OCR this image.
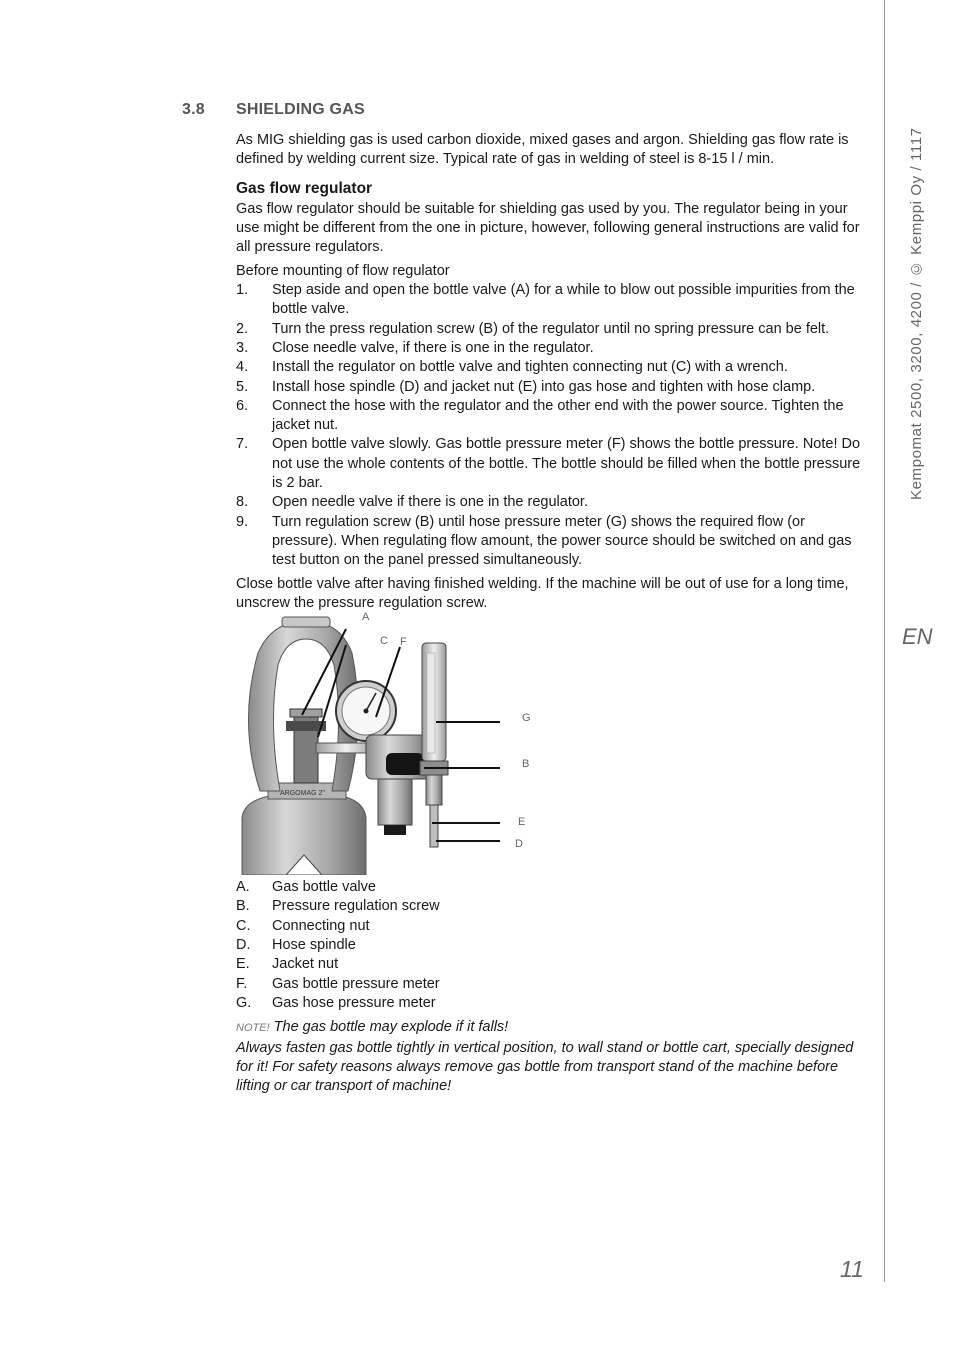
Kempomat 2500, 3200, 4200 / © Kemppi Oy / 1117
EN
11
3.8 SHIELDING GAS

As MIG shielding gas is used carbon dioxide, mixed gases and argon. Shielding gas flow rate is defined by welding current size. Typical rate of gas in welding of steel is 8-15 l / min.

Gas flow regulator

Gas flow regulator should be suitable for shielding gas used by you. The regulator being in your use might be different from the one in picture, however, following general instructions are valid for all pressure regulators.

Before mounting of flow regulator

1.	Step aside and open the bottle valve (A) for a while to blow out possible impurities from the bottle valve.
2.	Turn the press regulation screw (B) of the regulator until no spring pressure can be felt.
3.	Close needle valve, if there is one in the regulator.
4.	Install the regulator on bottle valve and tighten connecting nut (C) with a wrench.
5.	Install hose spindle (D) and jacket nut (E) into gas hose and tighten with hose clamp.
6.	Connect the hose with the regulator and the other end with the power source. Tighten the jacket nut.
7.	Open bottle valve slowly. Gas bottle pressure meter (F) shows the bottle pressure. Note! Do not use the whole contents of the bottle. The bottle should be filled when the bottle pressure is 2 bar.
8.	Open needle valve if there is one in the regulator.
9.	Turn regulation screw (B) until hose pressure meter (G) shows the required flow (or pressure). When regulating flow amount, the power source should be switched on and gas test button on the panel pressed simultaneously.

Close bottle valve after having finished welding. If the machine will be out of use for a long time, unscrew the pressure regulation screw.

ARGOMAG 2"
A
C F
G
B
E
D
A.	Gas bottle valve
B.	Pressure regulation screw
C.	Connecting nut
D.	Hose spindle
E.	Jacket nut
F.	Gas bottle pressure meter
G.	Gas hose pressure meter

NOTE! The gas bottle may explode if it falls!
Always fasten gas bottle tightly in vertical position, to wall stand or bottle cart, specially designed for it! For safety reasons always remove gas bottle from transport stand of the machine before lifting or car transport of machine!
